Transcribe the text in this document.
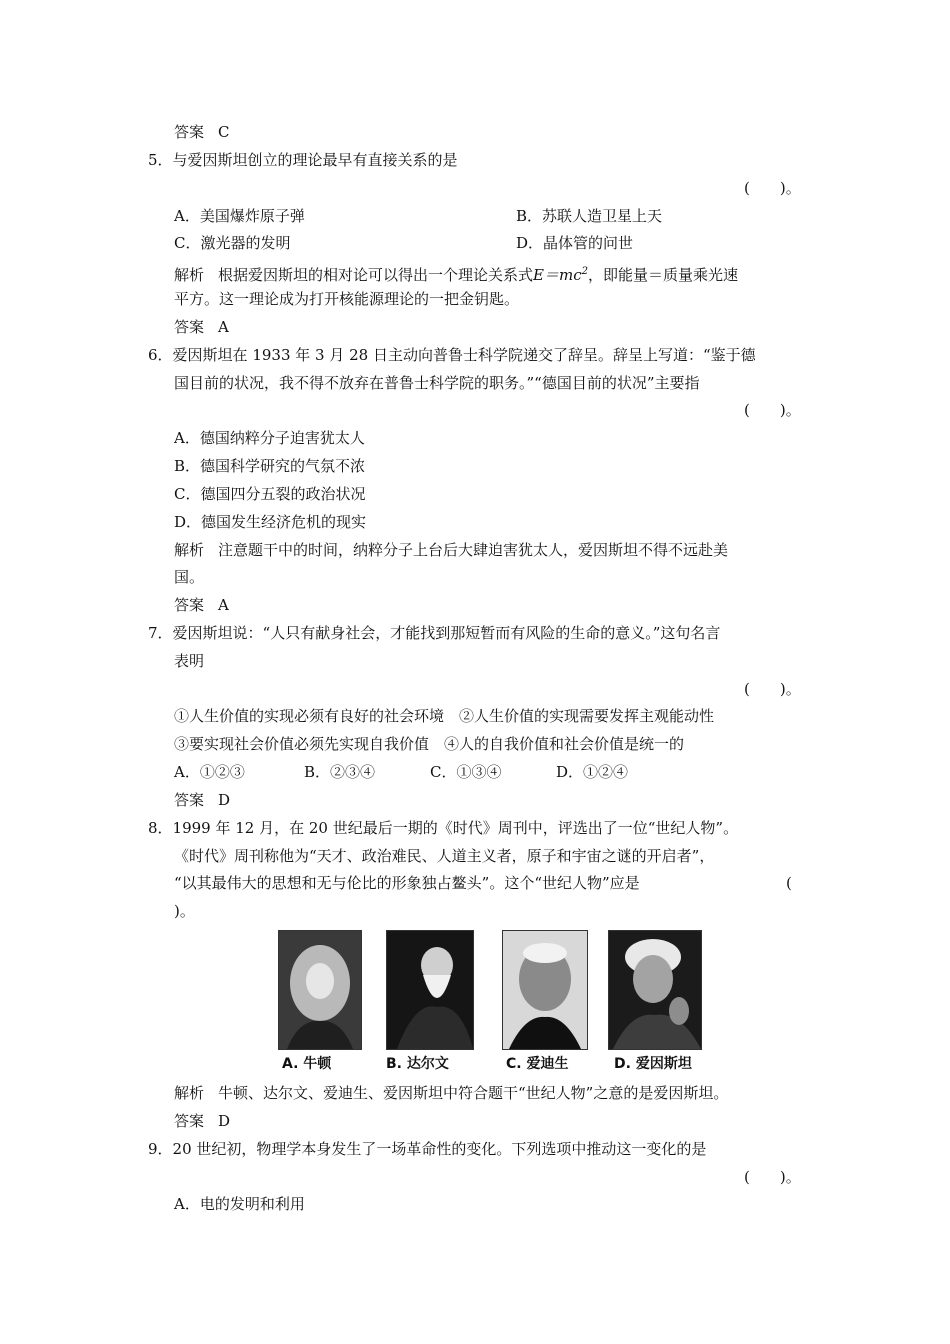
答案 C
5．与爱因斯坦创立的理论最早有直接关系的是
(　　)。
A．美国爆炸原子弹	B．苏联人造卫星上天
C．激光器的发明	D．晶体管的问世
解析 根据爱因斯坦的相对论可以得出一个理论关系式$E=mc^2$，即能量＝质量乘光速
平方。这一理论成为打开核能源理论的一把金钥匙。
答案 A
6．爱因斯坦在 1933 年 3 月 28 日主动向普鲁士科学院递交了辞呈。辞呈上写道：“鉴于德
国目前的状况，我不得不放弃在普鲁士科学院的职务。”“德国目前的状况”主要指
(　　)。
A．德国纳粹分子迫害犹太人
B．德国科学研究的气氛不浓
C．德国四分五裂的政治状况
D．德国发生经济危机的现实
解析 注意题干中的时间，纳粹分子上台后大肆迫害犹太人，爱因斯坦不得不远赴美
国。
答案 A
7．爱因斯坦说：“人只有献身社会，才能找到那短暂而有风险的生命的意义。”这句名言
表明
(　　)。
①人生价值的实现必须有良好的社会环境　②人生价值的实现需要发挥主观能动性
③要实现社会价值必须先实现自我价值　④人的自我价值和社会价值是统一的
A．①②③	B．②③④	C．①③④	D．①②④
答案 D
8．1999 年 12 月，在 20 世纪最后一期的《时代》周刊中，评选出了一位“世纪人物”。
《时代》周刊称他为“天才、政治难民、人道主义者，原子和宇宙之谜的开启者”，
“以其最伟大的思想和无与伦比的形象独占鳌头”。这个“世纪人物”应是	(
)。
A. 牛顿	B. 达尔文	C. 爱迪生	D. 爱因斯坦
解析 牛顿、达尔文、爱迪生、爱因斯坦中符合题干“世纪人物”之意的是爱因斯坦。
答案 D
9．20 世纪初，物理学本身发生了一场革命性的变化。下列选项中推动这一变化的是
(　　)。
A．电的发明和利用
